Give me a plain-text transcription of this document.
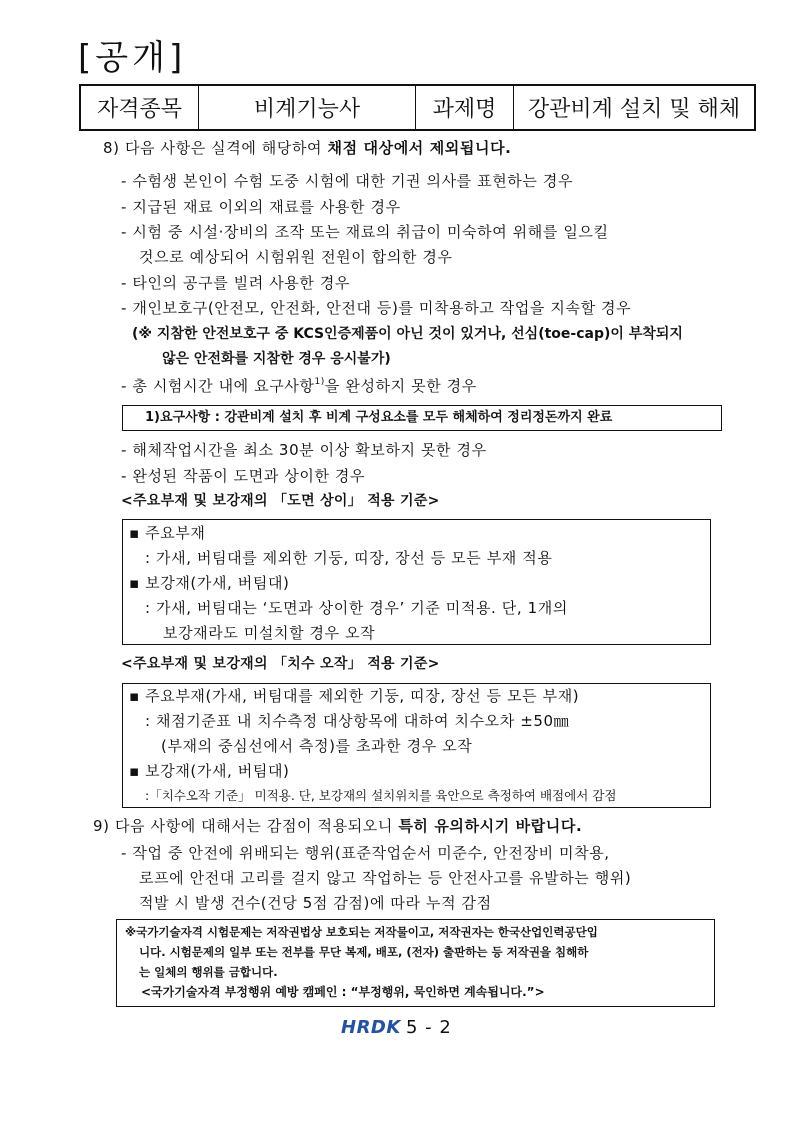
[공개]
자격종목	비계기능사	과제명	강관비계 설치 및 해체
8) 다음 사항은 실격에 해당하여 채점 대상에서 제외됩니다.
- 수험생 본인이 수험 도중 시험에 대한 기권 의사를 표현하는 경우
- 지급된 재료 이외의 재료를 사용한 경우
- 시험 중 시설·장비의 조작 또는 재료의 취급이 미숙하여 위해를 일으킬
것으로 예상되어 시험위원 전원이 합의한 경우
- 타인의 공구를 빌려 사용한 경우
- 개인보호구(안전모, 안전화, 안전대 등)를 미착용하고 작업을 지속할 경우
(※ 지참한 안전보호구 중 KCS인증제품이 아닌 것이 있거나, 선심(toe-cap)이 부착되지
않은 안전화를 지참한 경우 응시불가)
- 총 시험시간 내에 요구사항$^{1)}$을 완성하지 못한 경우
1)요구사항 : 강관비계 설치 후 비계 구성요소를 모두 해체하여 정리정돈까지 완료
- 해체작업시간을 최소 30분 이상 확보하지 못한 경우
- 완성된 작품이 도면과 상이한 경우
<주요부재 및 보강재의 「도면 상이」 적용 기준>
▪ 주요부재
: 가새, 버팀대를 제외한 기둥, 띠장, 장선 등 모든 부재 적용
▪ 보강재(가새, 버팀대)
: 가새, 버팀대는 ‘도면과 상이한 경우’ 기준 미적용. 단, 1개의
보강재라도 미설치할 경우 오작
<주요부재 및 보강재의 「치수 오작」 적용 기준>
▪ 주요부재(가새, 버팀대를 제외한 기둥, 띠장, 장선 등 모든 부재)
: 채점기준표 내 치수측정 대상항목에 대하여 치수오차 ±50㎜
(부재의 중심선에서 측정)를 초과한 경우 오작
▪ 보강재(가새, 버팀대)
:「치수오작 기준」 미적용. 단, 보강재의 설치위치를 육안으로 측정하여 배점에서 감점
9) 다음 사항에 대해서는 감점이 적용되오니 특히 유의하시기 바랍니다.
- 작업 중 안전에 위배되는 행위(표준작업순서 미준수, 안전장비 미착용,
로프에 안전대 고리를 걸지 않고 작업하는 등 안전사고를 유발하는 행위)
적발 시 발생 건수(건당 5점 감점)에 따라 누적 감점
※국가기술자격 시험문제는 저작권법상 보호되는 저작물이고, 저작권자는 한국산업인력공단입
니다. 시험문제의 일부 또는 전부를 무단 복제, 배포, (전자) 출판하는 등 저작권을 침해하
는 일체의 행위를 금합니다.
<국가기술자격 부정행위 예방 캠페인 : “부정행위, 묵인하면 계속됩니다.”>
HRDK 5 - 2
